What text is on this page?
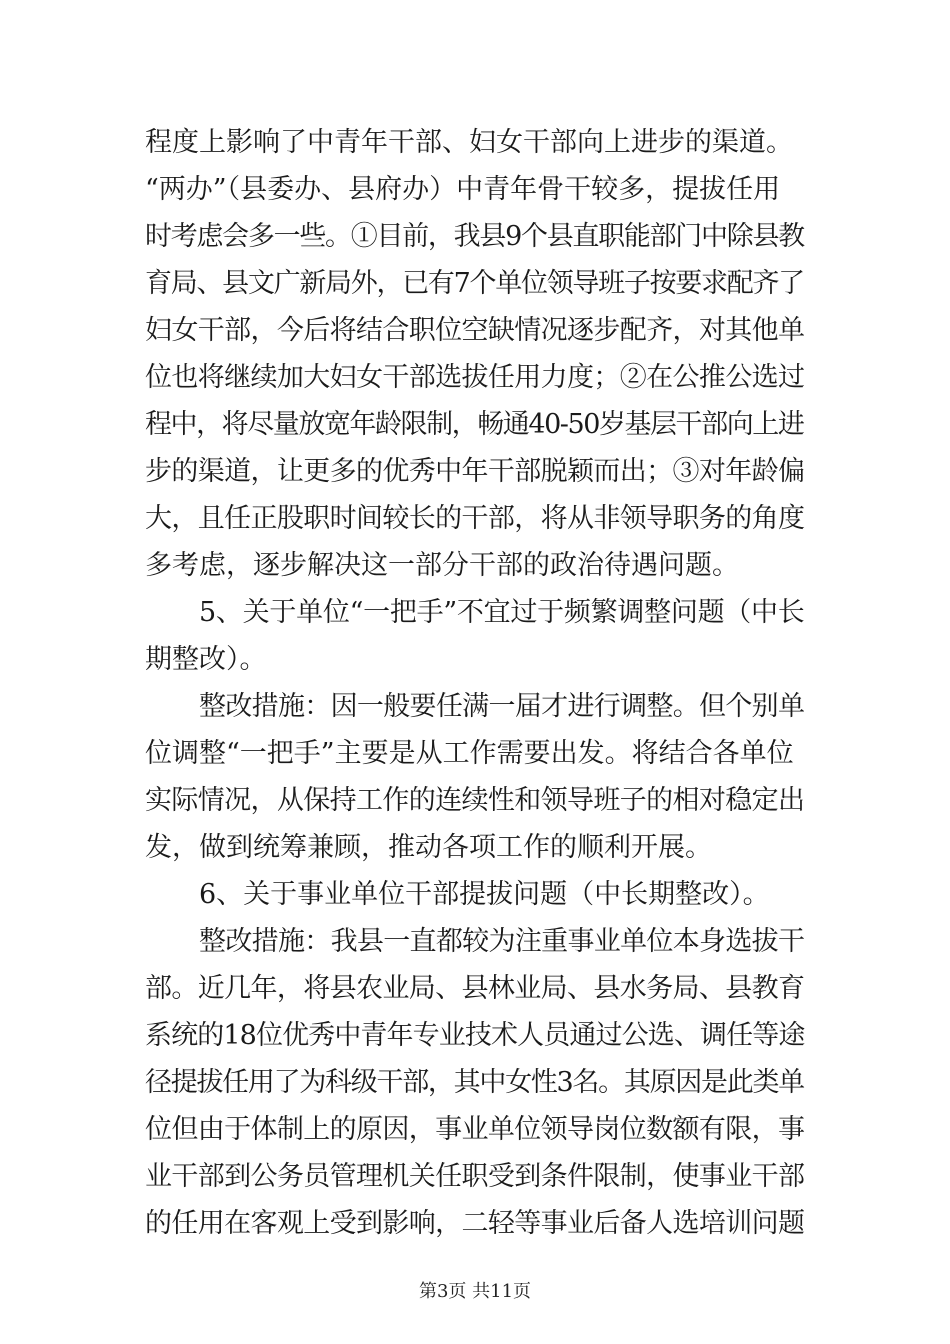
程度上影响了中青年干部、妇女干部向上进步的渠道。
“两办”（县委办、县府办）中青年骨干较多，提拔任用
时考虑会多一些。①目前，我县9个县直职能部门中除县教
育局、县文广新局外，已有7个单位领导班子按要求配齐了
妇女干部，今后将结合职位空缺情况逐步配齐，对其他单
位也将继续加大妇女干部选拔任用力度；②在公推公选过
程中，将尽量放宽年龄限制，畅通40-50岁基层干部向上进
步的渠道，让更多的优秀中年干部脱颖而出；③对年龄偏
大，且任正股职时间较长的干部，将从非领导职务的角度
多考虑，逐步解决这一部分干部的政治待遇问题。
5、关于单位“一把手”不宜过于频繁调整问题（中长
期整改）。
整改措施：因一般要任满一届才进行调整。但个别单
位调整“一把手”主要是从工作需要出发。将结合各单位
实际情况，从保持工作的连续性和领导班子的相对稳定出
发，做到统筹兼顾，推动各项工作的顺利开展。
6、关于事业单位干部提拔问题（中长期整改）。
整改措施：我县一直都较为注重事业单位本身选拔干
部。近几年，将县农业局、县林业局、县水务局、县教育
系统的18位优秀中青年专业技术人员通过公选、调任等途
径提拔任用了为科级干部，其中女性3名。其原因是此类单
位但由于体制上的原因，事业单位领导岗位数额有限，事
业干部到公务员管理机关任职受到条件限制，使事业干部
的任用在客观上受到影响，二轻等事业后备人选培训问题
第3页 共11页
